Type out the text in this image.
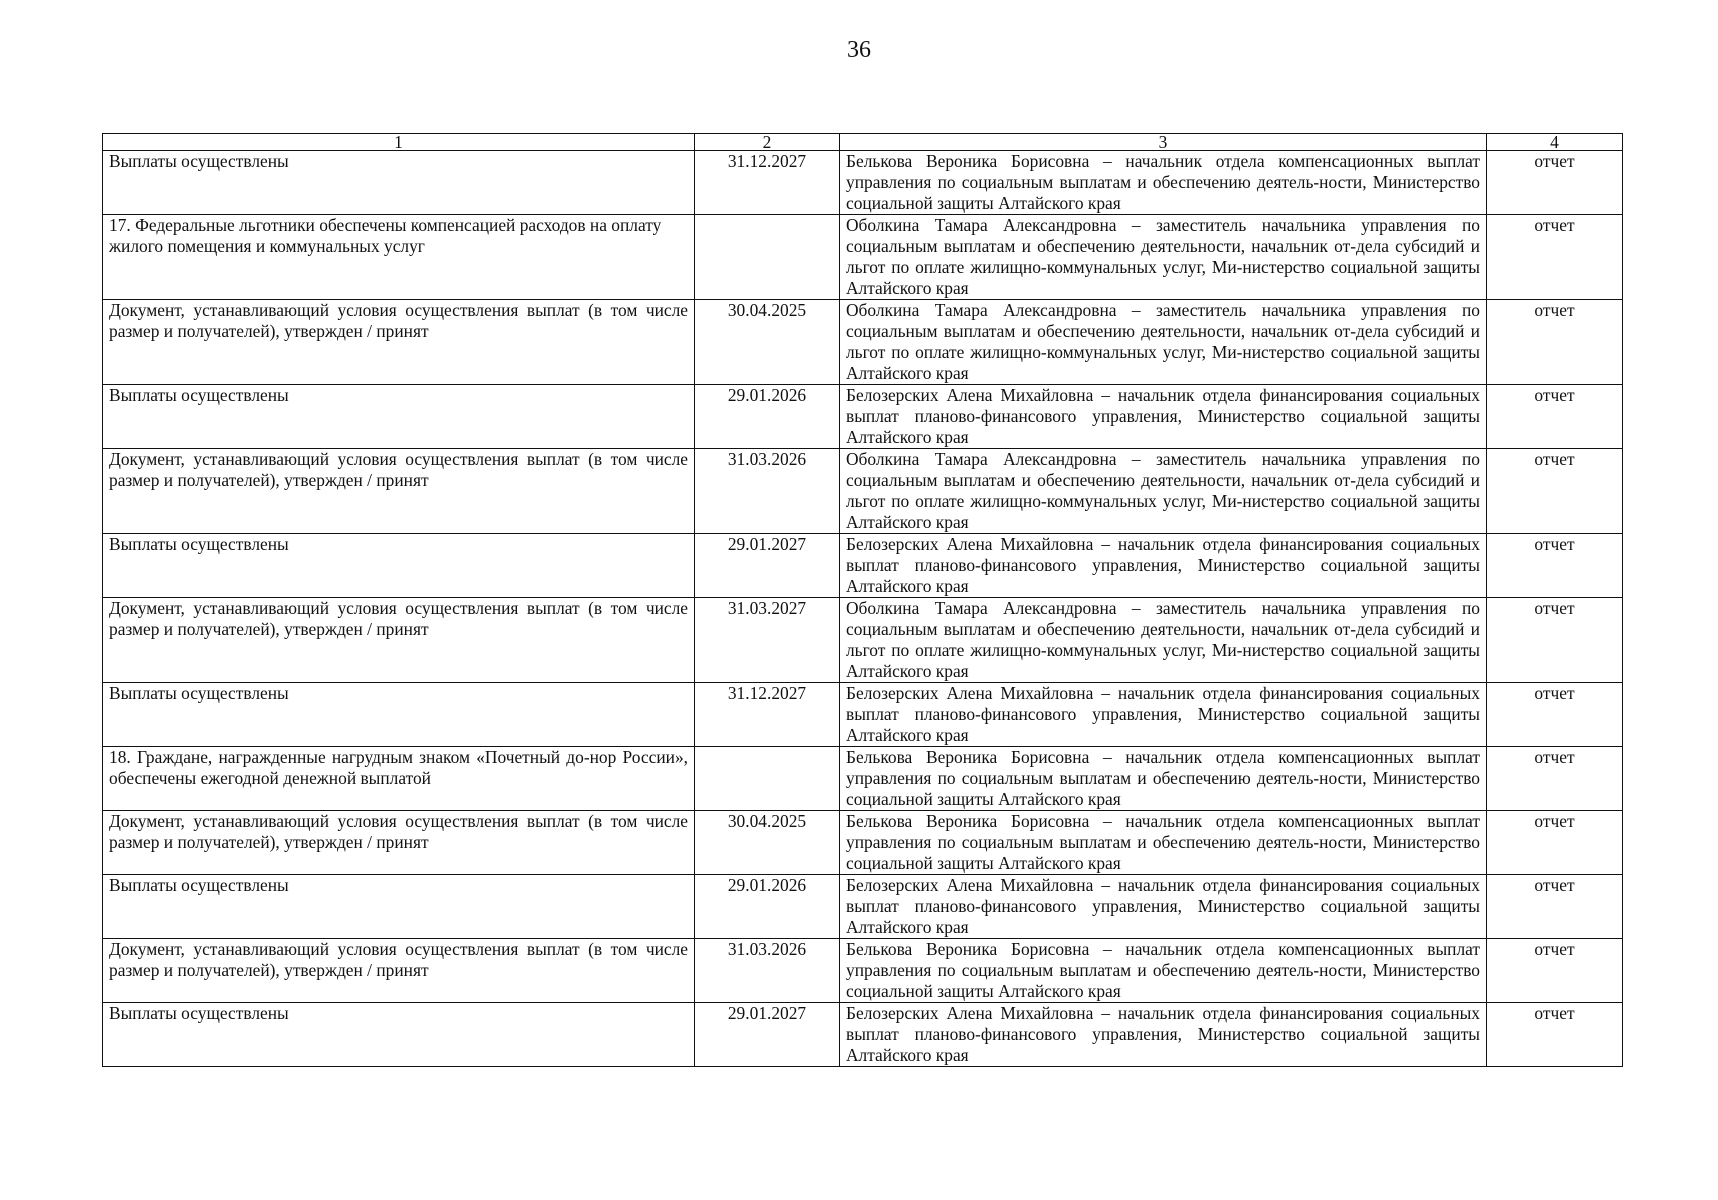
36
1	2	3	4
Выплаты осуществлены	31.12.2027	Белькова Вероника Борисовна – начальник отдела компенсационных выплат управления по социальным выплатам и обеспечению деятель-ности, Министерство социальной защиты Алтайского края	отчет
17. Федеральные льготники обеспечены компенсацией расходов на оплату жилого помещения и коммунальных услуг		Оболкина Тамара Александровна – заместитель начальника управления по социальным выплатам и обеспечению деятельности, начальник от-дела субсидий и льгот по оплате жилищно-коммунальных услуг, Ми-нистерство социальной защиты Алтайского края	отчет
Документ, устанавливающий условия осуществления выплат (в том числе размер и получателей), утвержден / принят	30.04.2025	Оболкина Тамара Александровна – заместитель начальника управления по социальным выплатам и обеспечению деятельности, начальник от-дела субсидий и льгот по оплате жилищно-коммунальных услуг, Ми-нистерство социальной защиты Алтайского края	отчет
Выплаты осуществлены	29.01.2026	Белозерских Алена Михайловна – начальник отдела финансирования социальных выплат планово-финансового управления, Министерство социальной защиты Алтайского края	отчет
Документ, устанавливающий условия осуществления выплат (в том числе размер и получателей), утвержден / принят	31.03.2026	Оболкина Тамара Александровна – заместитель начальника управления по социальным выплатам и обеспечению деятельности, начальник от-дела субсидий и льгот по оплате жилищно-коммунальных услуг, Ми-нистерство социальной защиты Алтайского края	отчет
Выплаты осуществлены	29.01.2027	Белозерских Алена Михайловна – начальник отдела финансирования социальных выплат планово-финансового управления, Министерство социальной защиты Алтайского края	отчет
Документ, устанавливающий условия осуществления выплат (в том числе размер и получателей), утвержден / принят	31.03.2027	Оболкина Тамара Александровна – заместитель начальника управления по социальным выплатам и обеспечению деятельности, начальник от-дела субсидий и льгот по оплате жилищно-коммунальных услуг, Ми-нистерство социальной защиты Алтайского края	отчет
Выплаты осуществлены	31.12.2027	Белозерских Алена Михайловна – начальник отдела финансирования социальных выплат планово-финансового управления, Министерство социальной защиты Алтайского края	отчет
18. Граждане, награжденные нагрудным знаком «Почетный до-нор России», обеспечены ежегодной денежной выплатой		Белькова Вероника Борисовна – начальник отдела компенсационных выплат управления по социальным выплатам и обеспечению деятель-ности, Министерство социальной защиты Алтайского края	отчет
Документ, устанавливающий условия осуществления выплат (в том числе размер и получателей), утвержден / принят	30.04.2025	Белькова Вероника Борисовна – начальник отдела компенсационных выплат управления по социальным выплатам и обеспечению деятель-ности, Министерство социальной защиты Алтайского края	отчет
Выплаты осуществлены	29.01.2026	Белозерских Алена Михайловна – начальник отдела финансирования социальных выплат планово-финансового управления, Министерство социальной защиты Алтайского края	отчет
Документ, устанавливающий условия осуществления выплат (в том числе размер и получателей), утвержден / принят	31.03.2026	Белькова Вероника Борисовна – начальник отдела компенсационных выплат управления по социальным выплатам и обеспечению деятель-ности, Министерство социальной защиты Алтайского края	отчет
Выплаты осуществлены	29.01.2027	Белозерских Алена Михайловна – начальник отдела финансирования социальных выплат планово-финансового управления, Министерство социальной защиты Алтайского края	отчет
